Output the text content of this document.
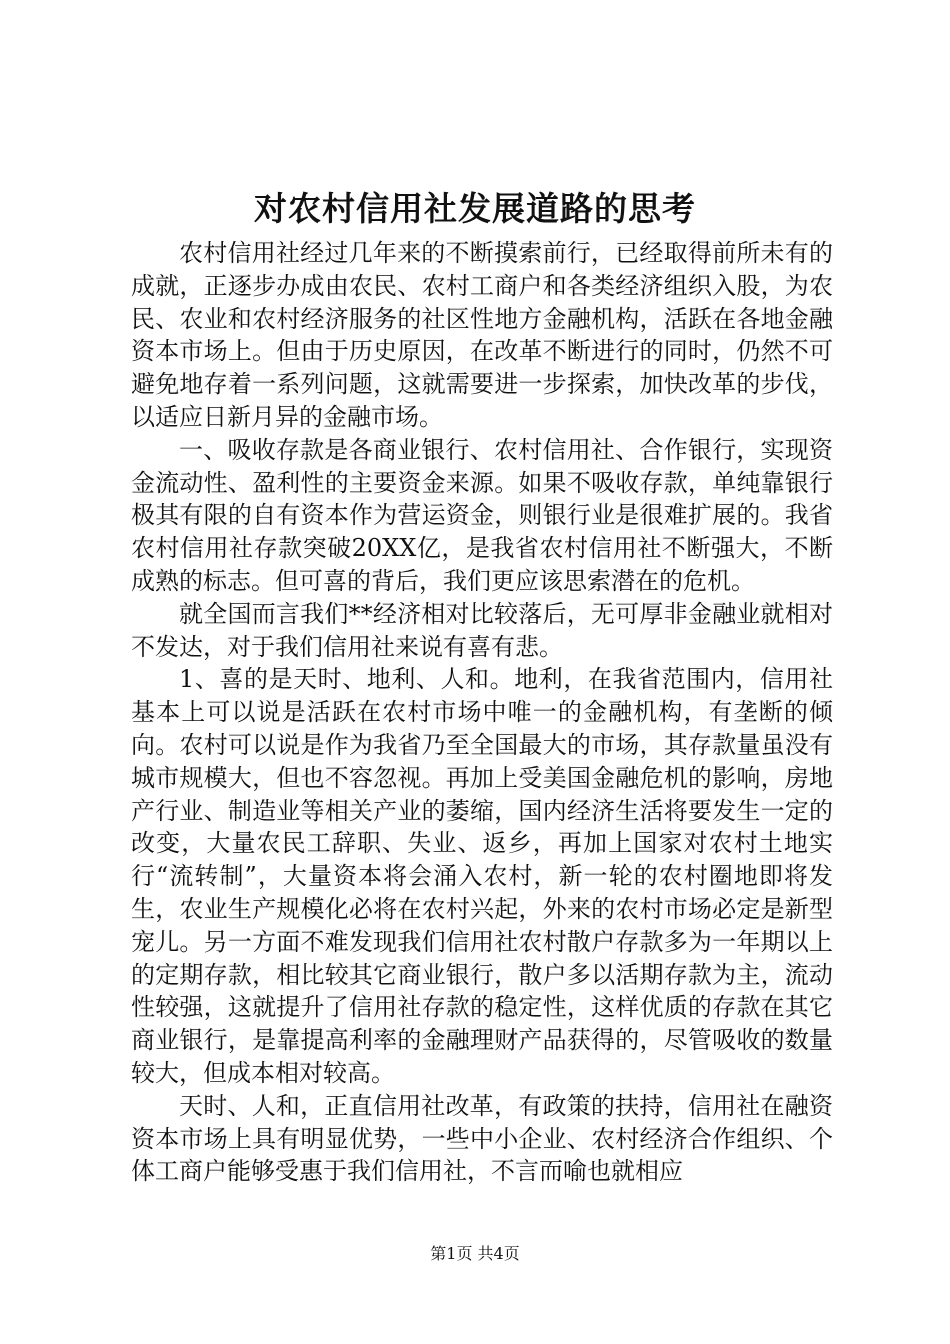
对农村信用社发展道路的思考

农村信用社经过几年来的不断摸索前行，已经取得前所未有的成就，正逐步办成由农民、农村工商户和各类经济组织入股，为农民、农业和农村经济服务的社区性地方金融机构，活跃在各地金融资本市场上。但由于历史原因，在改革不断进行的同时，仍然不可避免地存着一系列问题，这就需要进一步探索，加快改革的步伐，以适应日新月异的金融市场。

一、吸收存款是各商业银行、农村信用社、合作银行，实现资金流动性、盈利性的主要资金来源。如果不吸收存款，单纯靠银行极其有限的自有资本作为营运资金，则银行业是很难扩展的。我省农村信用社存款突破20XX亿，是我省农村信用社不断强大，不断成熟的标志。但可喜的背后，我们更应该思索潜在的危机。

就全国而言我们**经济相对比较落后，无可厚非金融业就相对不发达，对于我们信用社来说有喜有悲。

1、喜的是天时、地利、人和。地利，在我省范围内，信用社基本上可以说是活跃在农村市场中唯一的金融机构，有垄断的倾向。农村可以说是作为我省乃至全国最大的市场，其存款量虽没有城市规模大，但也不容忽视。再加上受美国金融危机的影响，房地产行业、制造业等相关产业的萎缩，国内经济生活将要发生一定的改变，大量农民工辞职、失业、返乡，再加上国家对农村土地实行“流转制”，大量资本将会涌入农村，新一轮的农村圈地即将发生，农业生产规模化必将在农村兴起，外来的农村市场必定是新型宠儿。另一方面不难发现我们信用社农村散户存款多为一年期以上的定期存款，相比较其它商业银行，散户多以活期存款为主，流动性较强，这就提升了信用社存款的稳定性，这样优质的存款在其它商业银行，是靠提高利率的金融理财产品获得的，尽管吸收的数量较大，但成本相对较高。

天时、人和，正直信用社改革，有政策的扶持，信用社在融资资本市场上具有明显优势，一些中小企业、农村经济合作组织、个体工商户能够受惠于我们信用社，不言而喻也就相应

第1页 共4页
